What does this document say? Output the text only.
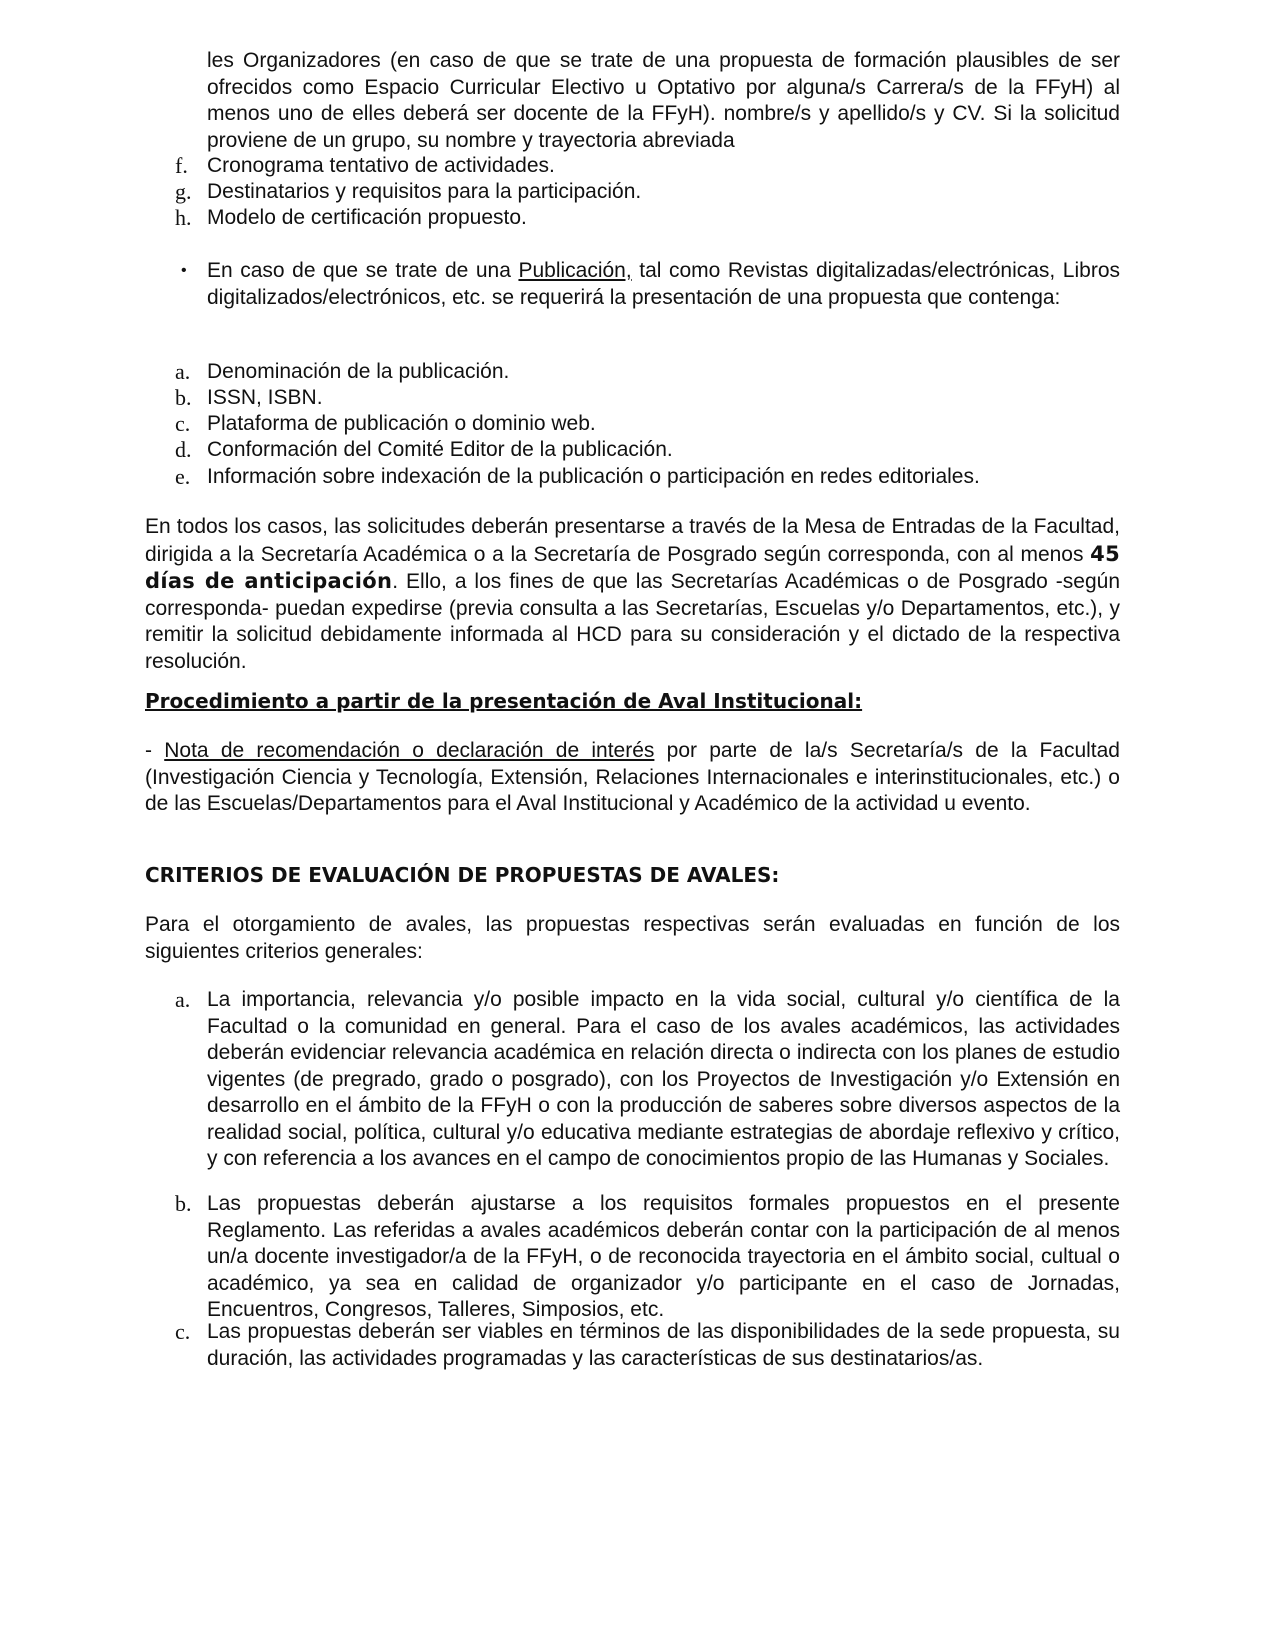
les Organizadores (en caso de que se trate de una propuesta de formación plausibles de ser ofrecidos como Espacio Curricular Electivo u Optativo por alguna/s Carrera/s de la FFyH) al menos uno de elles deberá ser docente de la FFyH). nombre/s y apellido/s y CV. Si la solicitud proviene de un grupo, su nombre y trayectoria abreviada
f. Cronograma tentativo de actividades.
g. Destinatarios y requisitos para la participación.
h. Modelo de certificación propuesto.
• En caso de que se trate de una Publicación, tal como Revistas digitalizadas/electrónicas, Libros digitalizados/electrónicos, etc. se requerirá la presentación de una propuesta que contenga:
a. Denominación de la publicación.
b. ISSN, ISBN.
c. Plataforma de publicación o dominio web.
d. Conformación del Comité Editor de la publicación.
e. Información sobre indexación de la publicación o participación en redes editoriales.
En todos los casos, las solicitudes deberán presentarse a través de la Mesa de Entradas de la Facultad, dirigida a la Secretaría Académica o a la Secretaría de Posgrado según corresponda, con al menos 45 días de anticipación. Ello, a los fines de que las Secretarías Académicas o de Posgrado -según corresponda- puedan expedirse (previa consulta a las Secretarías, Escuelas y/o Departamentos, etc.), y remitir la solicitud debidamente informada al HCD para su consideración y el dictado de la respectiva resolución.
Procedimiento a partir de la presentación de Aval Institucional:
- Nota de recomendación o declaración de interés por parte de la/s Secretaría/s de la Facultad (Investigación Ciencia y Tecnología, Extensión, Relaciones Internacionales e interinstitucionales, etc.) o de las Escuelas/Departamentos para el Aval Institucional y Académico de la actividad u evento.
CRITERIOS DE EVALUACIÓN DE PROPUESTAS DE AVALES:
Para el otorgamiento de avales, las propuestas respectivas serán evaluadas en función de los siguientes criterios generales:
a. La importancia, relevancia y/o posible impacto en la vida social, cultural y/o científica de la Facultad o la comunidad en general. Para el caso de los avales académicos, las actividades deberán evidenciar relevancia académica en relación directa o indirecta con los planes de estudio vigentes (de pregrado, grado o posgrado), con los Proyectos de Investigación y/o Extensión en desarrollo en el ámbito de la FFyH o con la producción de saberes sobre diversos aspectos de la realidad social, política, cultural y/o educativa mediante estrategias de abordaje reflexivo y crítico, y con referencia a los avances en el campo de conocimientos propio de las Humanas y Sociales.
b. Las propuestas deberán ajustarse a los requisitos formales propuestos en el presente Reglamento. Las referidas a avales académicos deberán contar con la participación de al menos un/a docente investigador/a de la FFyH, o de reconocida trayectoria en el ámbito social, cultual o académico, ya sea en calidad de organizador y/o participante en el caso de Jornadas, Encuentros, Congresos, Talleres, Simposios, etc.
c. Las propuestas deberán ser viables en términos de las disponibilidades de la sede propuesta, su duración, las actividades programadas y las características de sus destinatarios/as.
